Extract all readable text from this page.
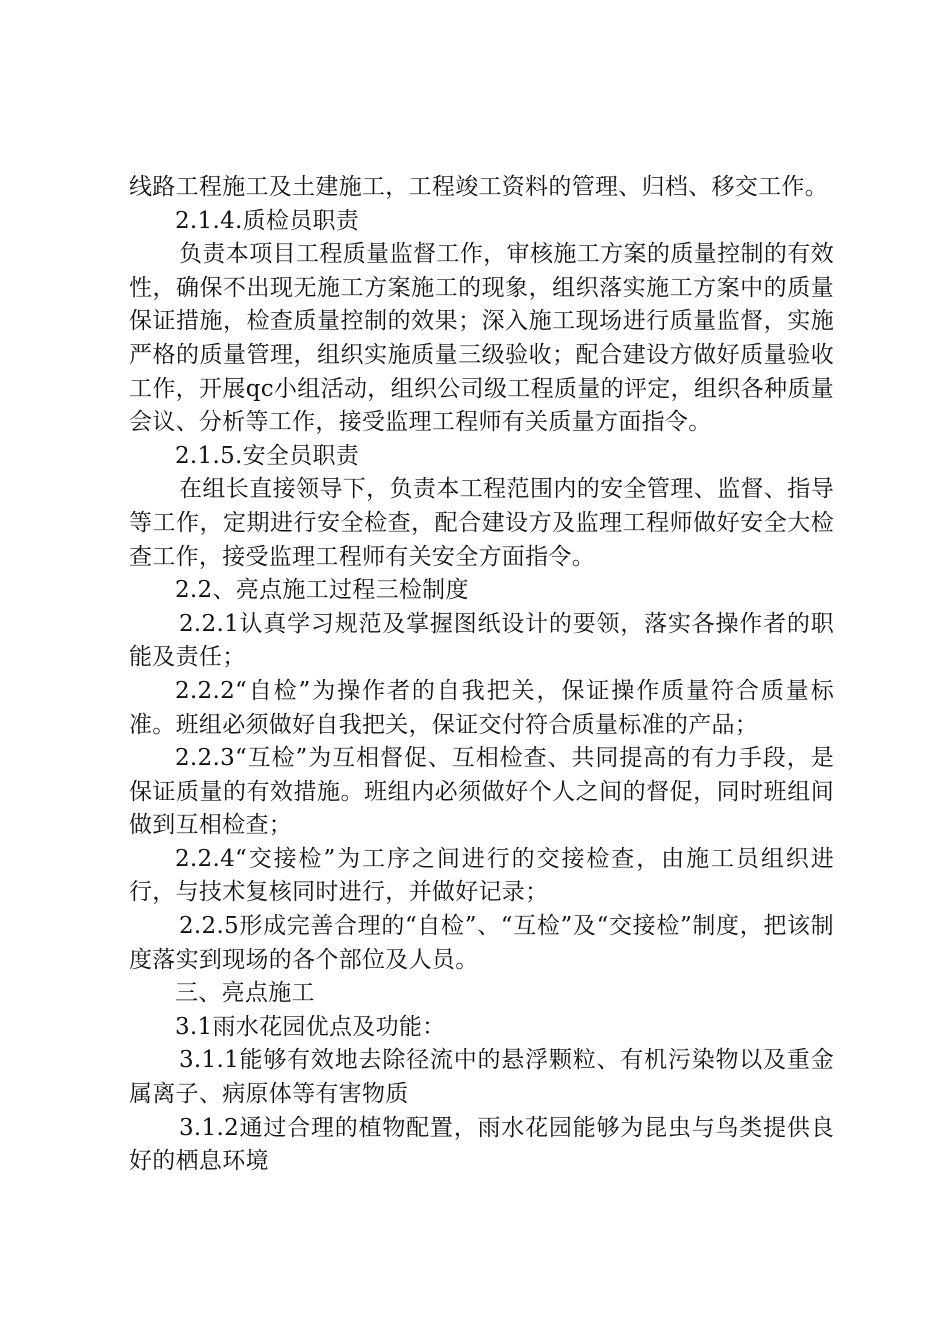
线路工程施工及土建施工，工程竣工资料的管理、归档、移交工作。

2.1.4.质检员职责

负责本项目工程质量监督工作，审核施工方案的质量控制的有效性，确保不出现无施工方案施工的现象，组织落实施工方案中的质量保证措施，检查质量控制的效果；深入施工现场进行质量监督，实施严格的质量管理，组织实施质量三级验收；配合建设方做好质量验收工作，开展qc小组活动，组织公司级工程质量的评定，组织各种质量会议、分析等工作，接受监理工程师有关质量方面指令。

2.1.5.安全员职责

在组长直接领导下，负责本工程范围内的安全管理、监督、指导等工作，定期进行安全检查，配合建设方及监理工程师做好安全大检查工作，接受监理工程师有关安全方面指令。

2.2、亮点施工过程三检制度

2.2.1认真学习规范及掌握图纸设计的要领，落实各操作者的职能及责任；

2.2.2“自检”为操作者的自我把关，保证操作质量符合质量标准。班组必须做好自我把关，保证交付符合质量标准的产品；

2.2.3“互检”为互相督促、互相检查、共同提高的有力手段，是保证质量的有效措施。班组内必须做好个人之间的督促，同时班组间做到互相检查；

2.2.4“交接检”为工序之间进行的交接检查，由施工员组织进行，与技术复核同时进行，并做好记录；

2.2.5形成完善合理的“自检”、“互检”及“交接检”制度，把该制度落实到现场的各个部位及人员。

三、亮点施工

3.1雨水花园优点及功能：

3.1.1能够有效地去除径流中的悬浮颗粒、有机污染物以及重金属离子、病原体等有害物质

3.1.2通过合理的植物配置，雨水花园能够为昆虫与鸟类提供良好的栖息环境
